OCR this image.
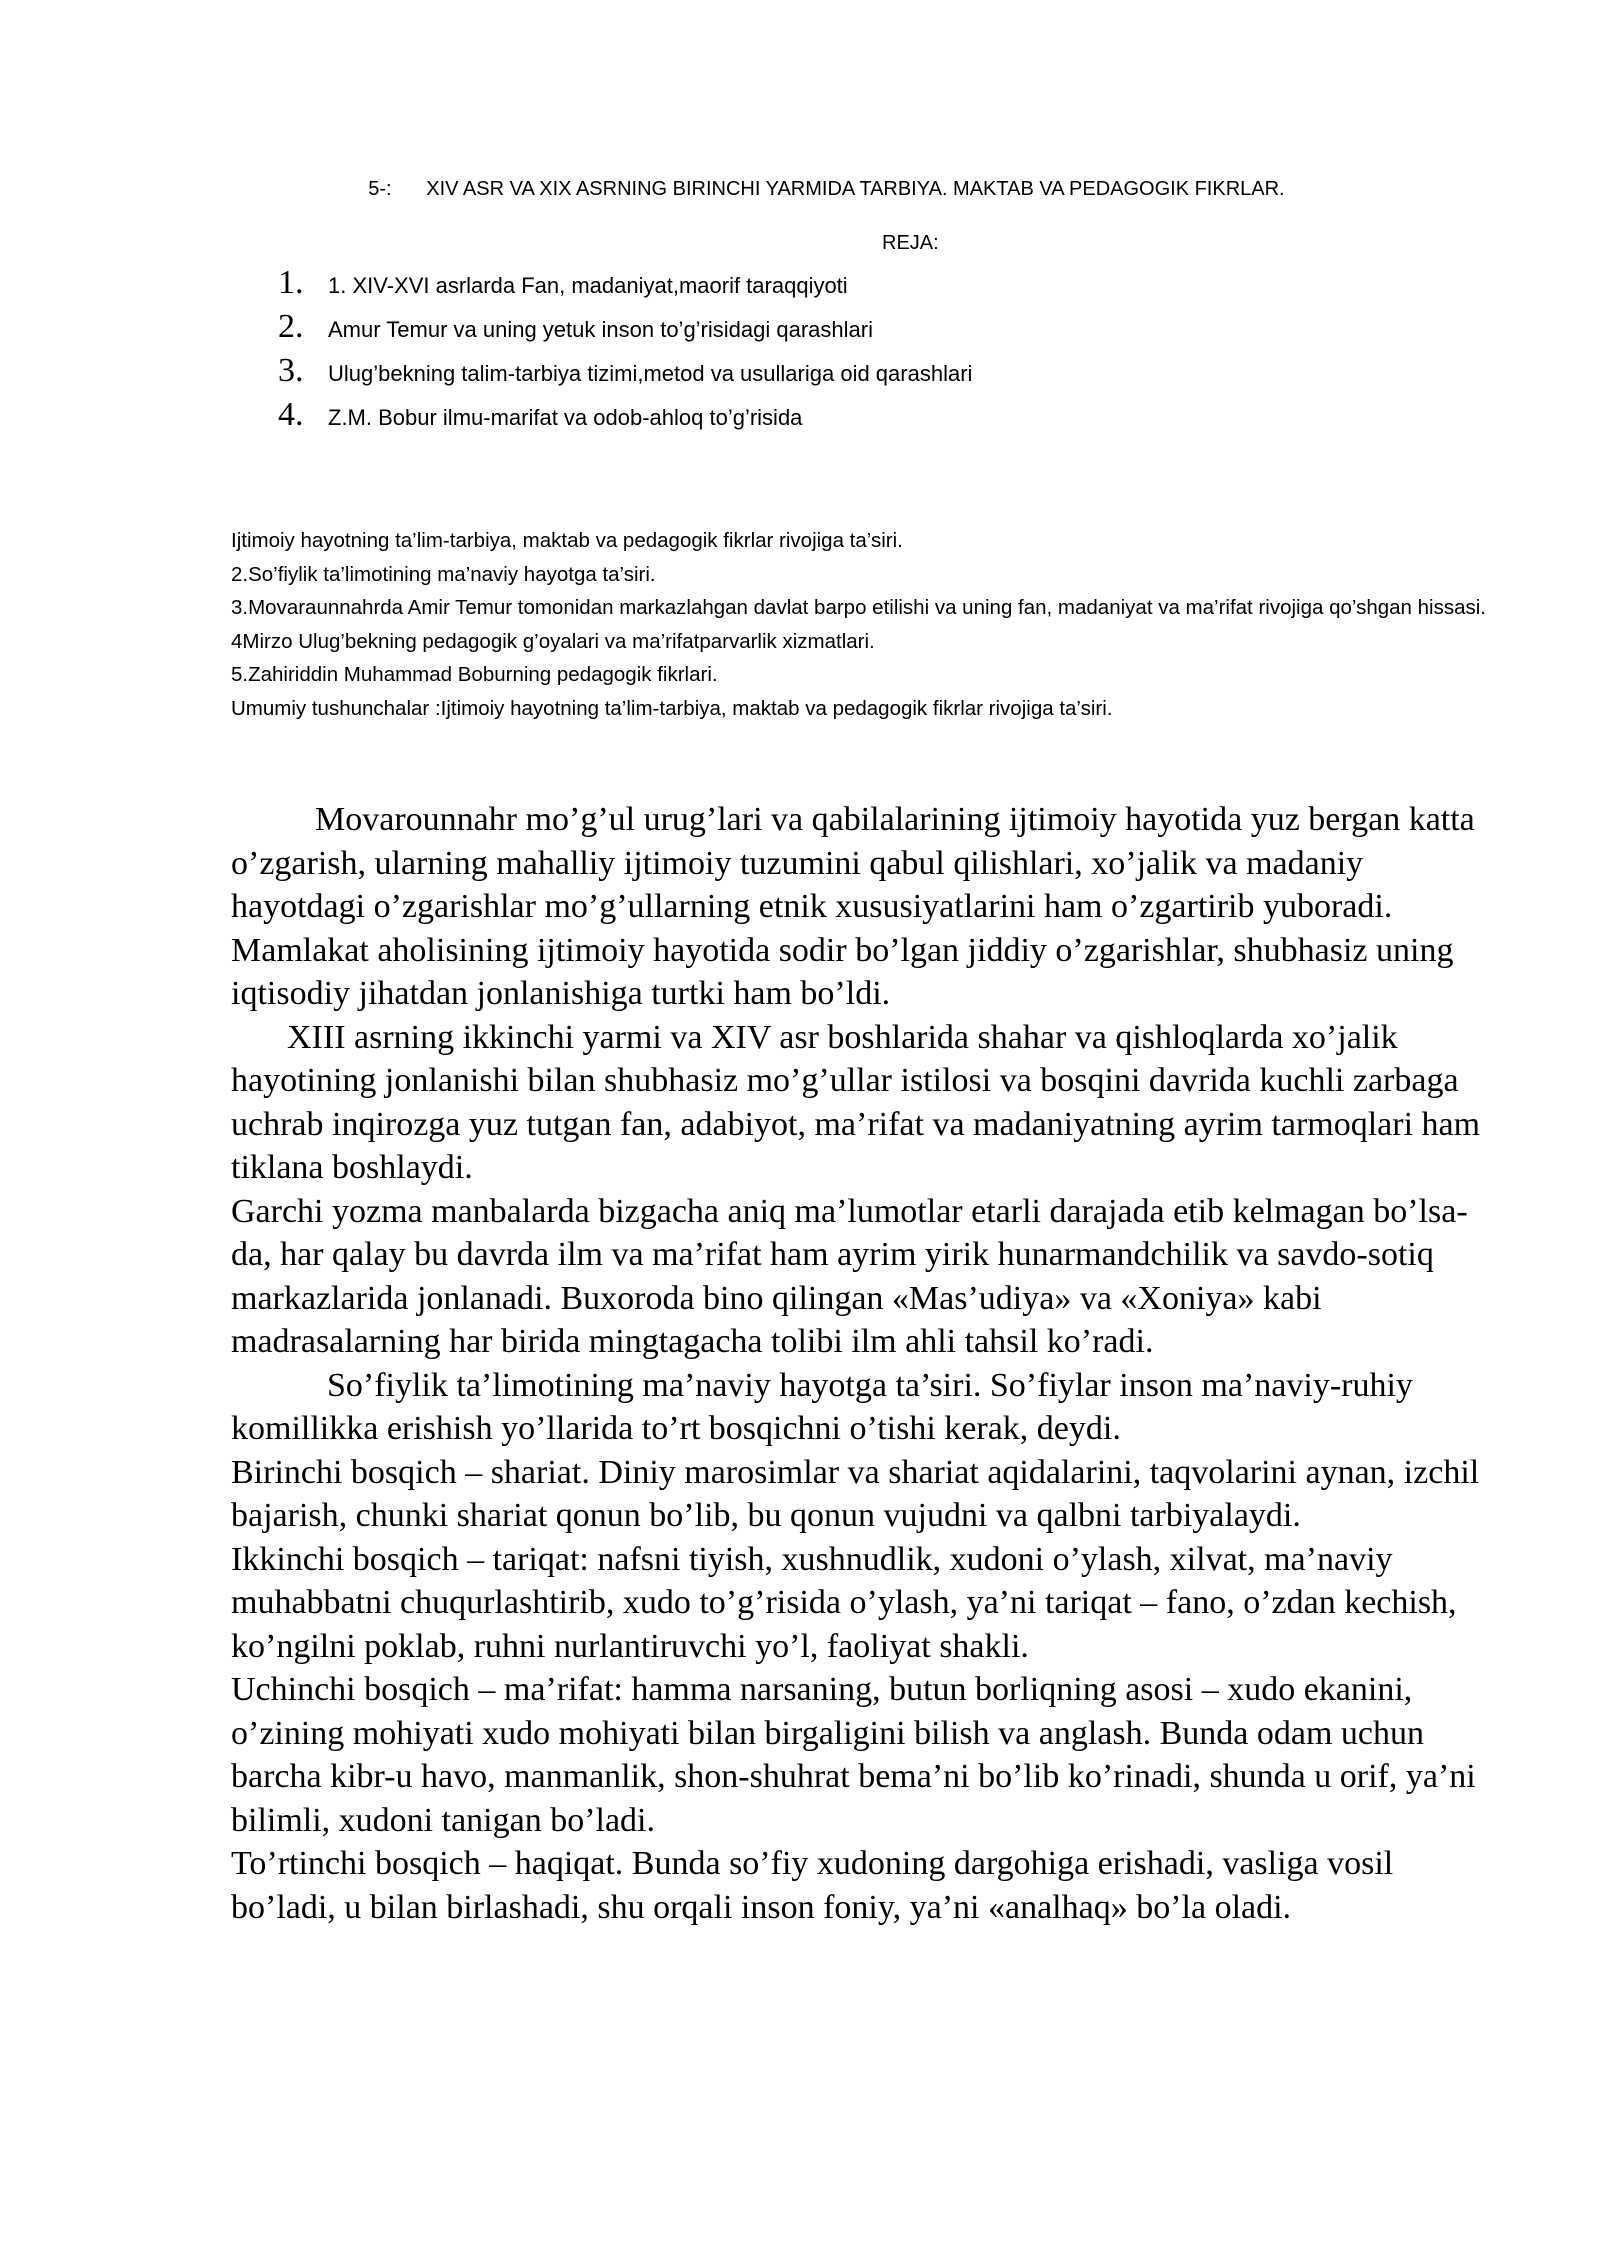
5-: XIV ASR VA XIX ASRNING BIRINCHI YARMIDA TARBIYA. MAKTAB VA PEDAGOGIK FIKRLAR.

REJA:
1.	1. XIV-XVI asrlarda Fan, madaniyat,maorif taraqqiyoti
2.	Amur Temur va uning yetuk inson to’g’risidagi qarashlari
3.	Ulug’bekning talim-tarbiya tizimi,metod va usullariga oid qarashlari
4.	Z.M. Bobur ilmu-marifat va odob-ahloq to’g’risida

Ijtimoiy hayotning ta’lim-tarbiya, maktab va pedagogik fikrlar rivojiga ta’siri.

2.So’fiylik ta’limotining ma’naviy hayotga ta’siri.

3.Movaraunnahrda Amir Temur tomonidan markazlahgan davlat barpo etilishi va uning fan, madaniyat va ma’rifat rivojiga qo’shgan hissasi.

4Mirzo Ulug’bekning pedagogik g’oyalari va ma’rifatparvarlik xizmatlari.

5.Zahiriddin Muhammad Boburning pedagogik fikrlari.

Umumiy tushunchalar :Ijtimoiy hayotning ta’lim-tarbiya, maktab va pedagogik fikrlar rivojiga ta’siri.

Movarounnahr mo’g’ul urug’lari va qabilalarining ijtimoiy hayotida yuz bergan katta o’zgarish, ularning mahalliy ijtimoiy tuzumini qabul qilishlari, xo’jalik va madaniy hayotdagi o’zgarishlar mo’g’ullarning etnik xususiyatlarini ham o’zgartirib yuboradi. Mamlakat aholisining ijtimoiy hayotida sodir bo’lgan jiddiy o’zgarishlar, shubhasiz uning iqtisodiy jihatdan jonlanishiga turtki ham bo’ldi.

XIII asrning ikkinchi yarmi va XIV asr boshlarida shahar va qishloqlarda xo’jalik hayotining jonlanishi bilan shubhasiz mo’g’ullar istilosi va bosqini davrida kuchli zarbaga uchrab inqirozga yuz tutgan fan, adabiyot, ma’rifat va madaniyatning ayrim tarmoqlari ham tiklana boshlaydi.

Garchi yozma manbalarda bizgacha aniq ma’lumotlar etarli darajada etib kelmagan bo’lsa-da, har qalay bu davrda ilm va ma’rifat ham ayrim yirik hunarmandchilik va savdo-sotiq markazlarida jonlanadi. Buxoroda bino qilingan «Mas’udiya» va «Xoniya» kabi madrasalarning har birida mingtagacha tolibi ilm ahli tahsil ko’radi.

So’fiylik ta’limotining ma’naviy hayotga ta’siri. So’fiylar inson ma’naviy-ruhiy komillikka erishish yo’llarida to’rt bosqichni o’tishi kerak, deydi.

Birinchi bosqich – shariat. Diniy marosimlar va shariat aqidalarini, taqvolarini aynan, izchil bajarish, chunki shariat qonun bo’lib, bu qonun vujudni va qalbni tarbiyalaydi.

Ikkinchi bosqich – tariqat: nafsni tiyish, xushnudlik, xudoni o’ylash, xilvat, ma’naviy muhabbatni chuqurlashtirib, xudo to’g’risida o’ylash, ya’ni tariqat – fano, o’zdan kechish, ko’ngilni poklab, ruhni nurlantiruvchi yo’l, faoliyat shakli.

Uchinchi bosqich – ma’rifat: hamma narsaning, butun borliqning asosi – xudo ekanini, o’zining mohiyati xudo mohiyati bilan birgaligini bilish va anglash. Bunda odam uchun barcha kibr-u havo, manmanlik, shon-shuhrat bema’ni bo’lib ko’rinadi, shunda u orif, ya’ni bilimli, xudoni tanigan bo’ladi.

To’rtinchi bosqich – haqiqat. Bunda so’fiy xudoning dargohiga erishadi, vasliga vosil bo’ladi, u bilan birlashadi, shu orqali inson foniy, ya’ni «analhaq» bo’la oladi.
